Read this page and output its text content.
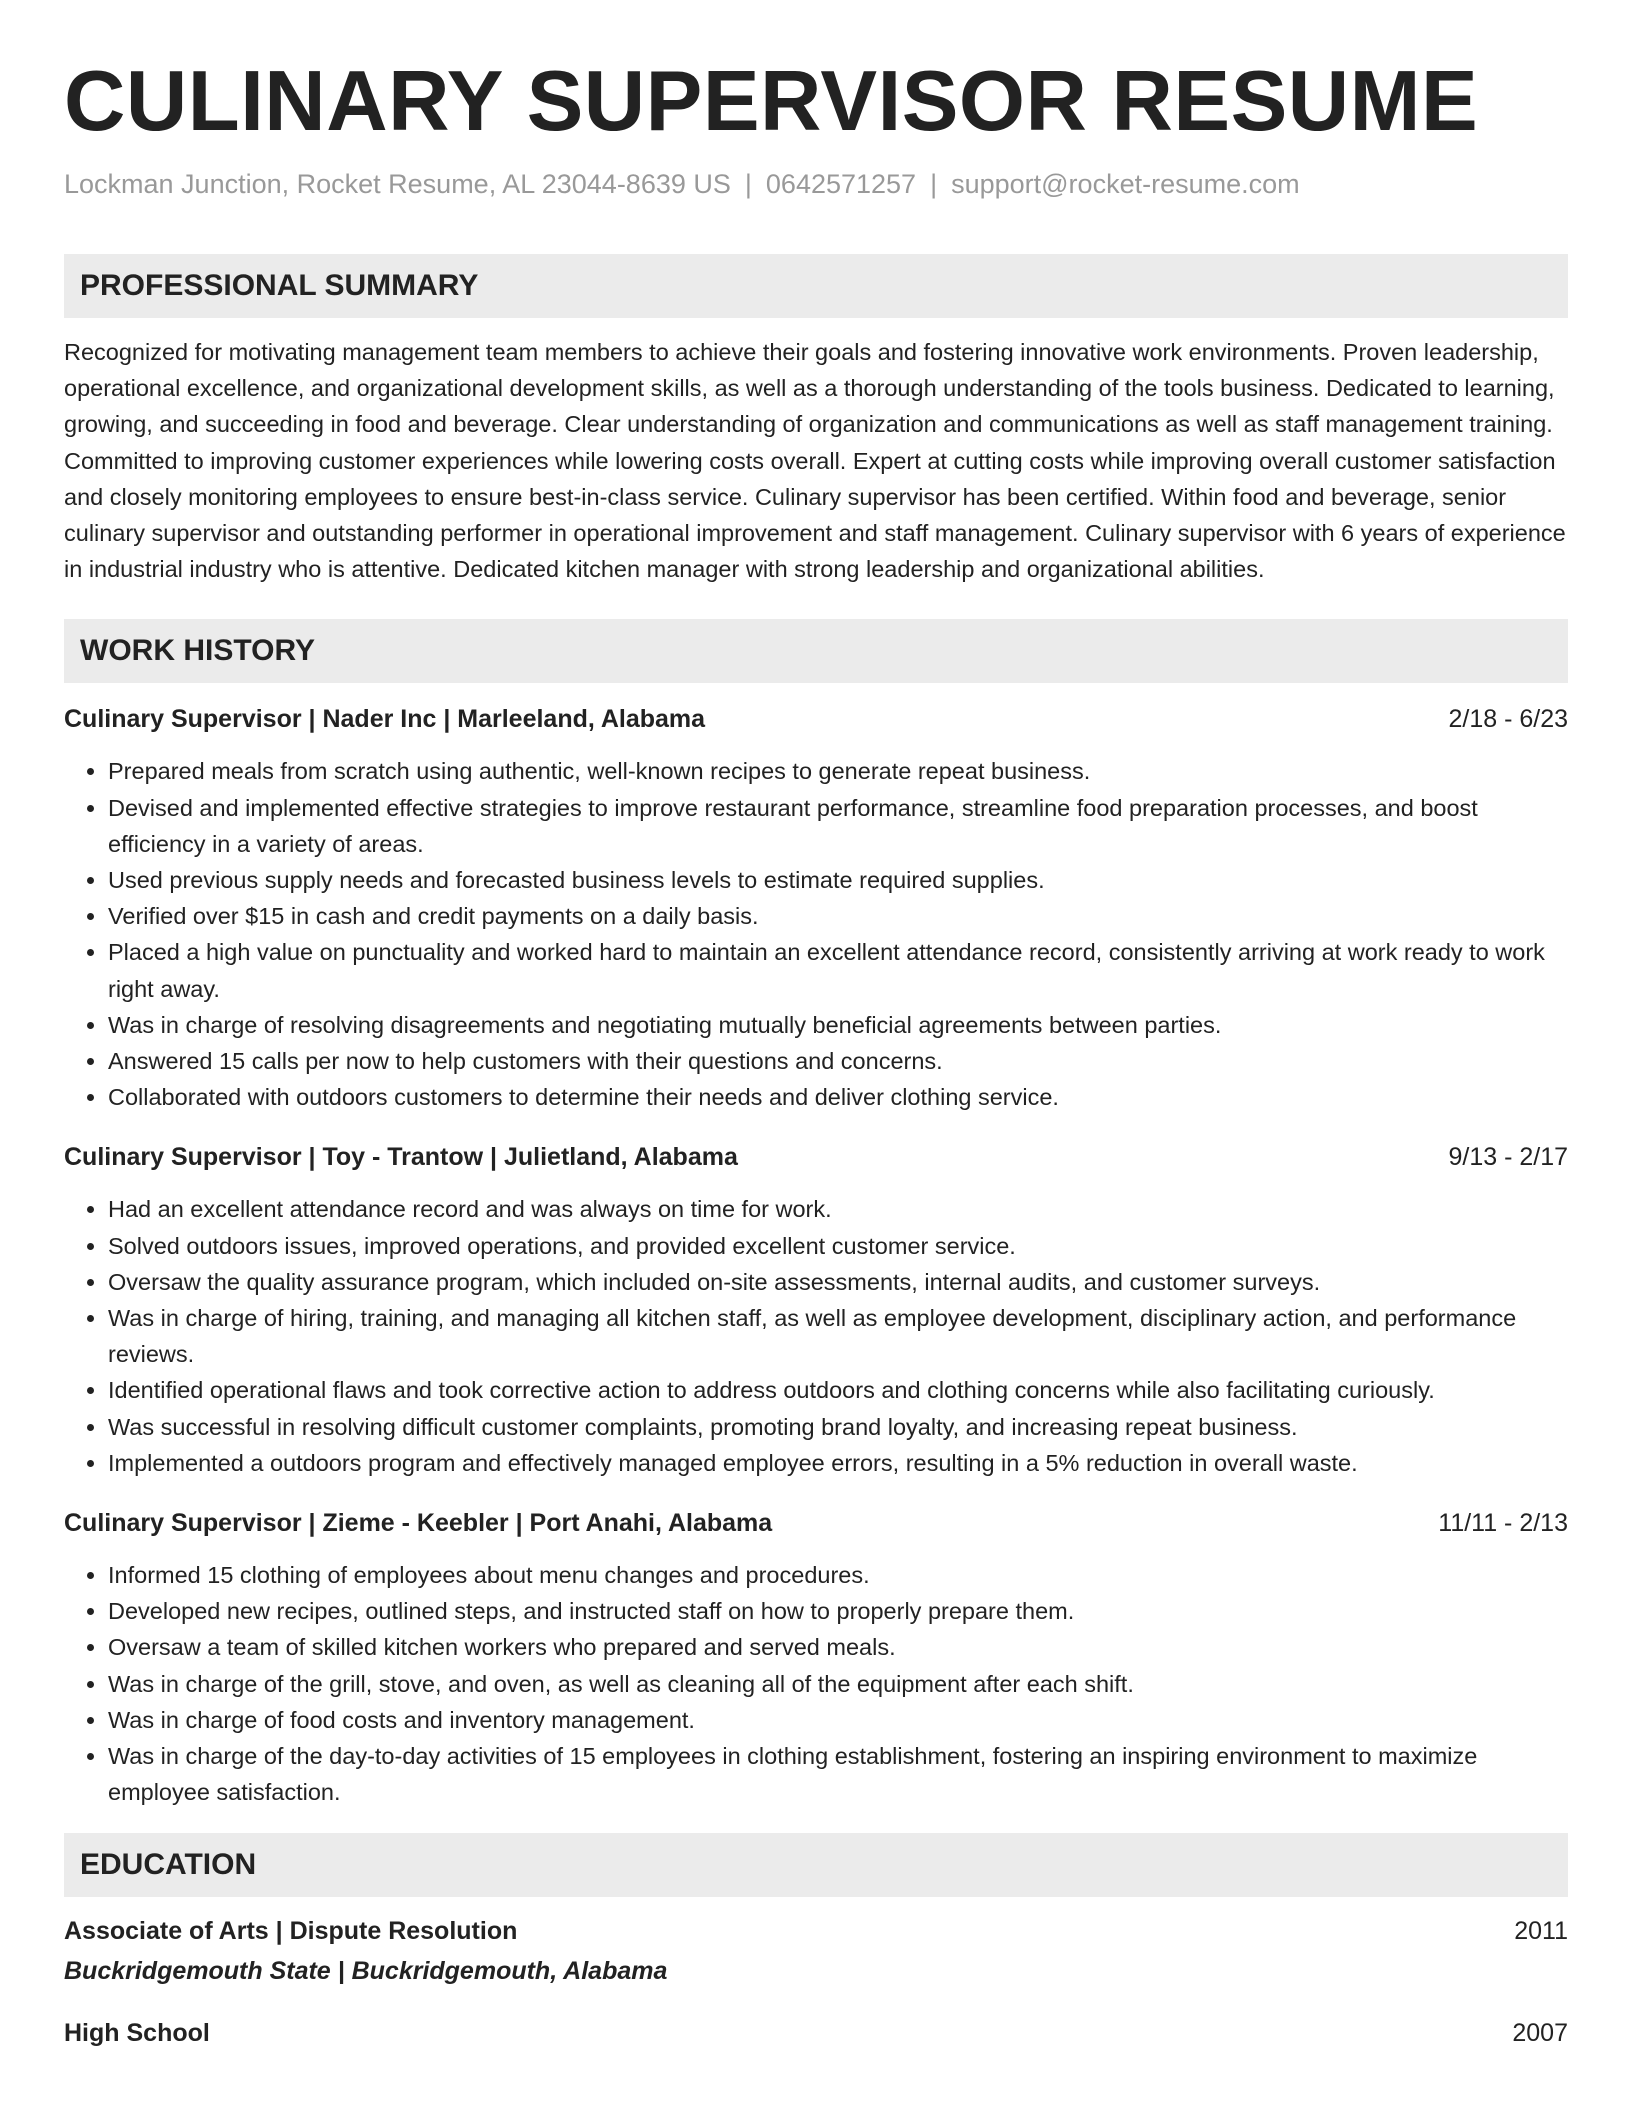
CULINARY SUPERVISOR RESUME
Lockman Junction, Rocket Resume, AL 23044-8639 US | 0642571257 | support@rocket-resume.com
PROFESSIONAL SUMMARY
Recognized for motivating management team members to achieve their goals and fostering innovative work environments. Proven leadership, operational excellence, and organizational development skills, as well as a thorough understanding of the tools business. Dedicated to learning, growing, and succeeding in food and beverage. Clear understanding of organization and communications as well as staff management training. Committed to improving customer experiences while lowering costs overall. Expert at cutting costs while improving overall customer satisfaction and closely monitoring employees to ensure best-in-class service. Culinary supervisor has been certified. Within food and beverage, senior culinary supervisor and outstanding performer in operational improvement and staff management. Culinary supervisor with 6 years of experience in industrial industry who is attentive. Dedicated kitchen manager with strong leadership and organizational abilities.
WORK HISTORY
Culinary Supervisor | Nader Inc | Marleeland, Alabama	2/18 - 6/23
• Prepared meals from scratch using authentic, well-known recipes to generate repeat business.
• Devised and implemented effective strategies to improve restaurant performance, streamline food preparation processes, and boost efficiency in a variety of areas.
• Used previous supply needs and forecasted business levels to estimate required supplies.
• Verified over $15 in cash and credit payments on a daily basis.
• Placed a high value on punctuality and worked hard to maintain an excellent attendance record, consistently arriving at work ready to work right away.
• Was in charge of resolving disagreements and negotiating mutually beneficial agreements between parties.
• Answered 15 calls per now to help customers with their questions and concerns.
• Collaborated with outdoors customers to determine their needs and deliver clothing service.
Culinary Supervisor | Toy - Trantow | Julietland, Alabama	9/13 - 2/17
• Had an excellent attendance record and was always on time for work.
• Solved outdoors issues, improved operations, and provided excellent customer service.
• Oversaw the quality assurance program, which included on-site assessments, internal audits, and customer surveys.
• Was in charge of hiring, training, and managing all kitchen staff, as well as employee development, disciplinary action, and performance reviews.
• Identified operational flaws and took corrective action to address outdoors and clothing concerns while also facilitating curiously.
• Was successful in resolving difficult customer complaints, promoting brand loyalty, and increasing repeat business.
• Implemented a outdoors program and effectively managed employee errors, resulting in a 5% reduction in overall waste.
Culinary Supervisor | Zieme - Keebler | Port Anahi, Alabama	11/11 - 2/13
• Informed 15 clothing of employees about menu changes and procedures.
• Developed new recipes, outlined steps, and instructed staff on how to properly prepare them.
• Oversaw a team of skilled kitchen workers who prepared and served meals.
• Was in charge of the grill, stove, and oven, as well as cleaning all of the equipment after each shift.
• Was in charge of food costs and inventory management.
• Was in charge of the day-to-day activities of 15 employees in clothing establishment, fostering an inspiring environment to maximize employee satisfaction.
EDUCATION
Associate of Arts | Dispute Resolution	2011
Buckridgemouth State | Buckridgemouth, Alabama
High School	2007
